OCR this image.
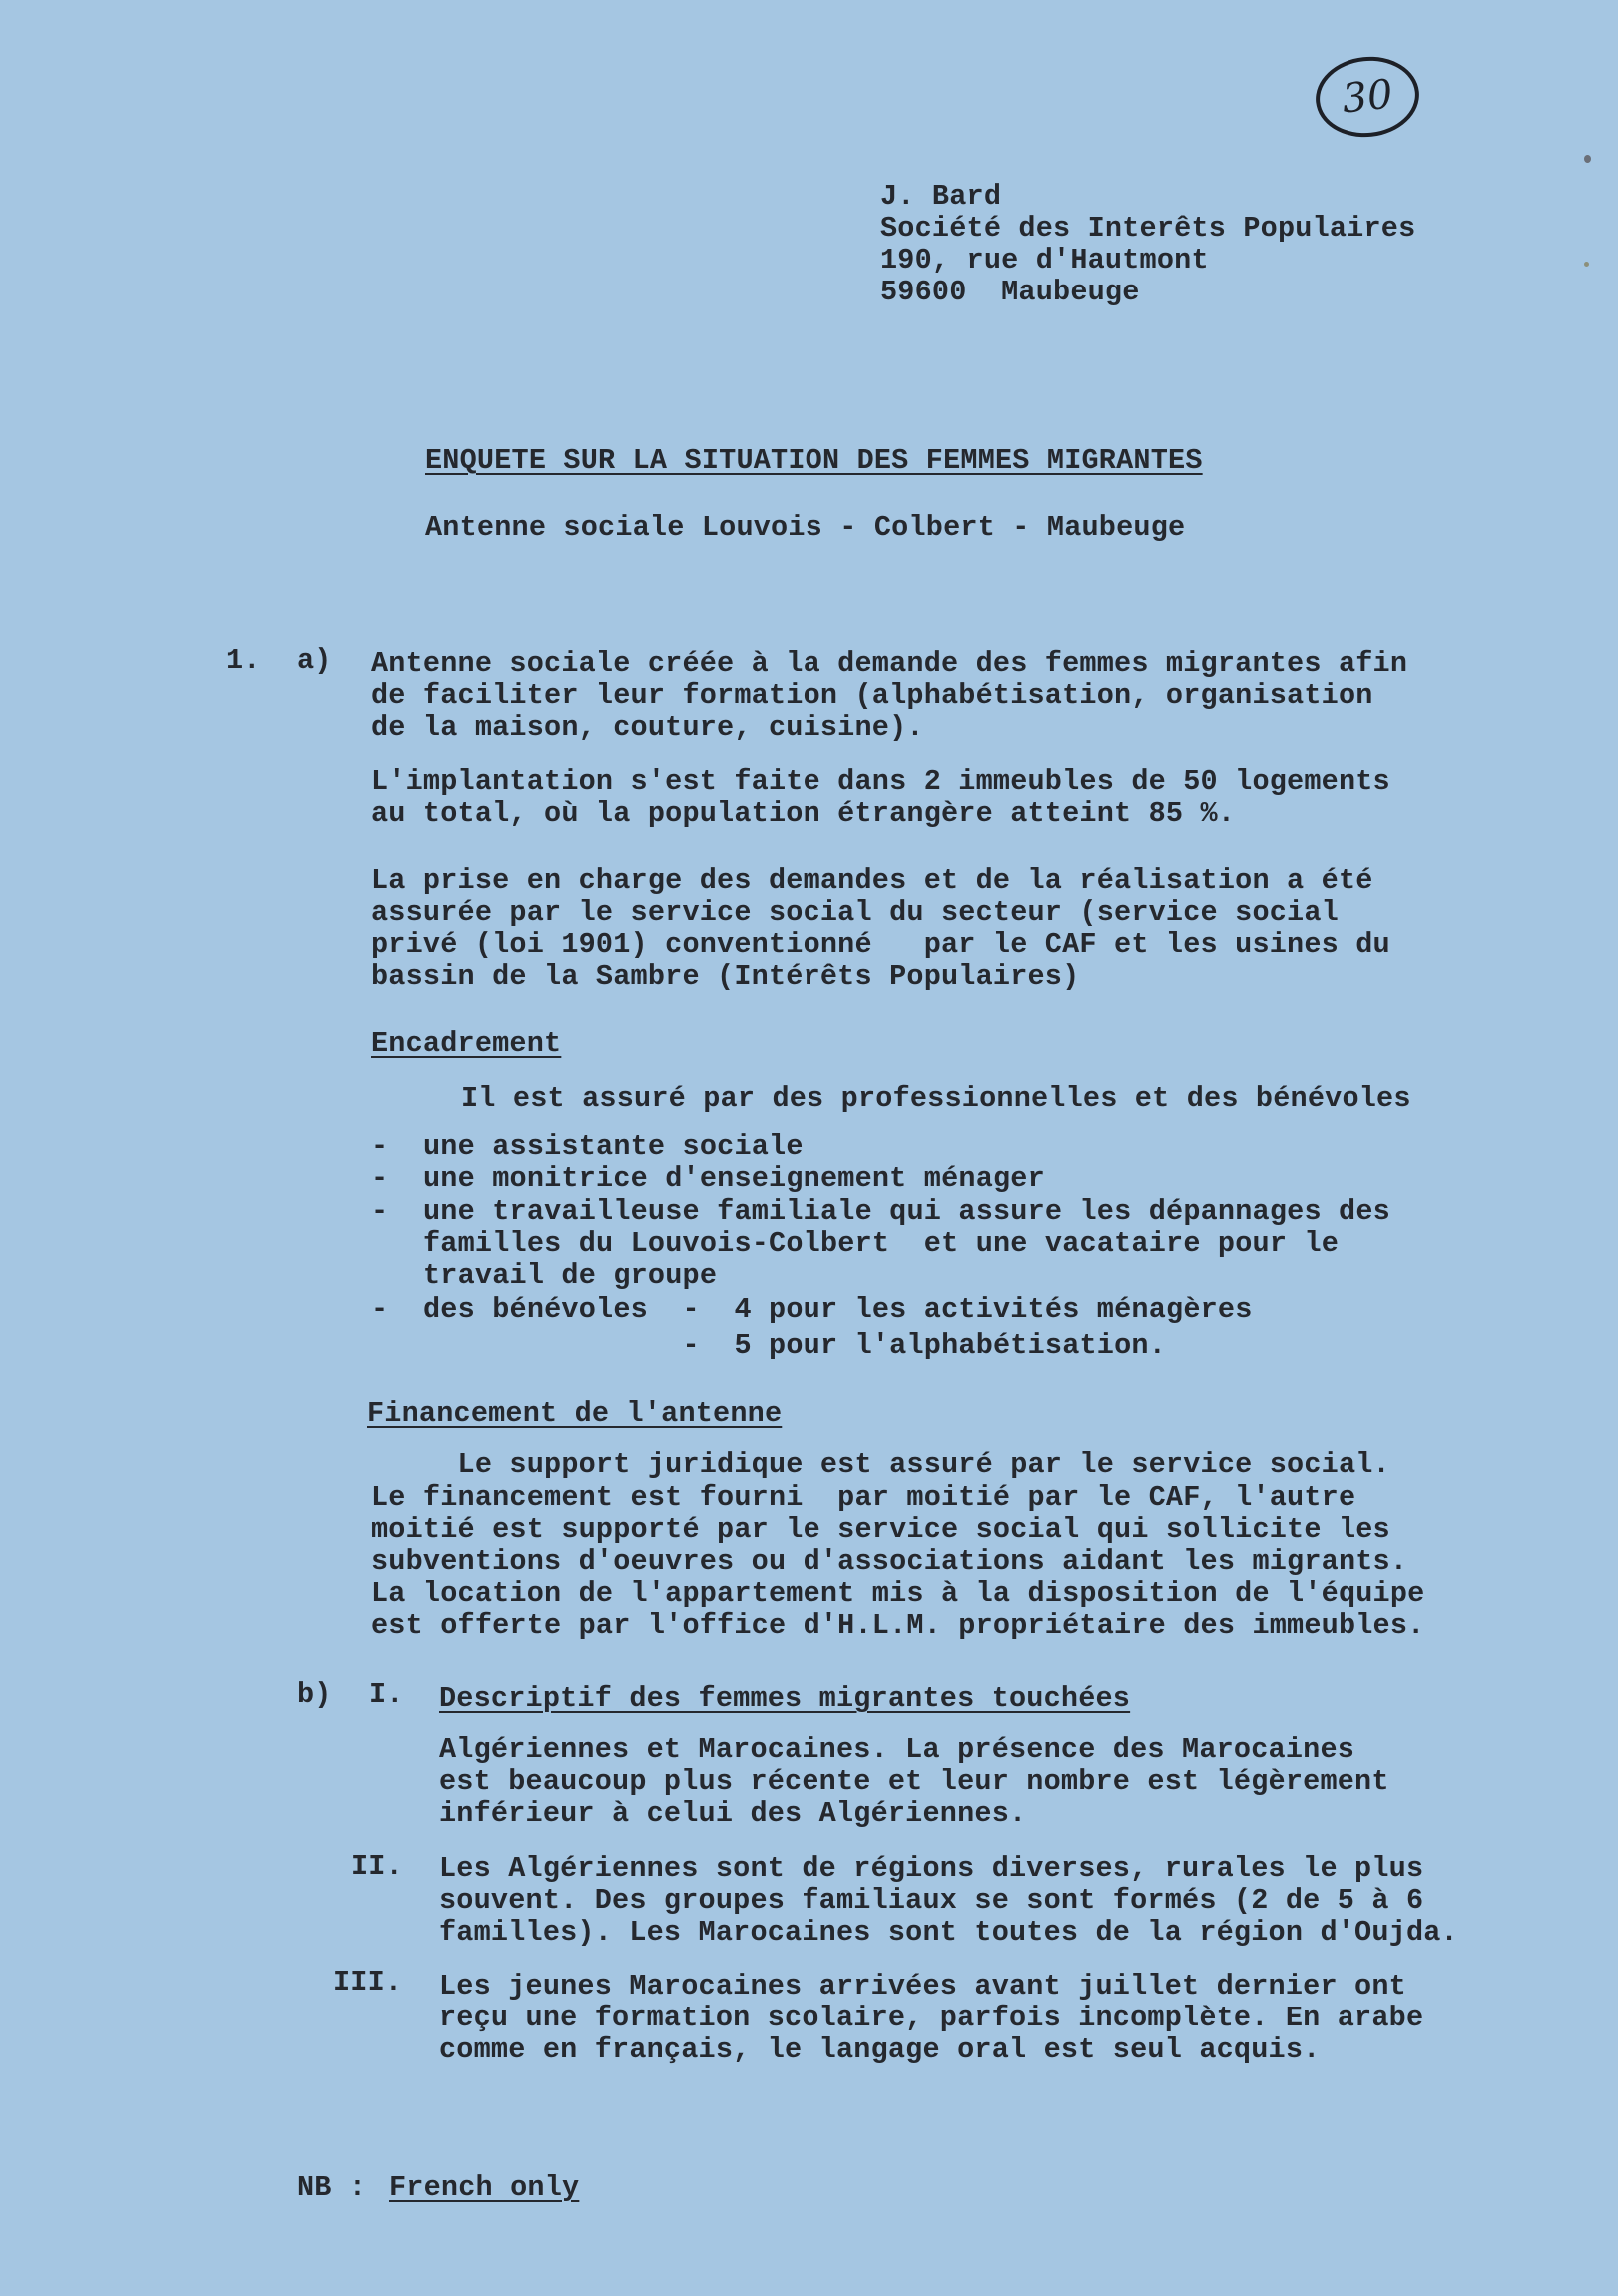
30
J. Bard
Société des Interêts Populaires
190, rue d'Hautmont
59600  Maubeuge
ENQUETE SUR LA SITUATION DES FEMMES MIGRANTES
Antenne sociale Louvois - Colbert - Maubeuge
1. a) Antenne sociale créée à la demande des femmes migrantes afin
de faciliter leur formation (alphabétisation, organisation
de la maison, couture, cuisine).
L'implantation s'est faite dans 2 immeubles de 50 logements
au total, où la population étrangère atteint 85 %.
La prise en charge des demandes et de la réalisation a été
assurée par le service social du secteur (service social
privé (loi 1901) conventionné   par le CAF et les usines du
bassin de la Sambre (Intérêts Populaires)
Encadrement
Il est assuré par des professionnelles et des bénévoles
- une assistante sociale
- une monitrice d'enseignement ménager
- une travailleuse familiale qui assure les dépannages des
familles du Louvois-Colbert  et une vacataire pour le
travail de groupe
- des bénévoles  -  4 pour les activités ménagères
-  5 pour l'alphabétisation.
Financement de l'antenne
Le support juridique est assuré par le service social.
Le financement est fourni  par moitié par le CAF, l'autre
moitié est supporté par le service social qui sollicite les
subventions d'oeuvres ou d'associations aidant les migrants.
La location de l'appartement mis à la disposition de l'équipe
est offerte par l'office d'H.L.M. propriétaire des immeubles.
b) I. Descriptif des femmes migrantes touchées
Algériennes et Marocaines. La présence des Marocaines
est beaucoup plus récente et leur nombre est légèrement
inférieur à celui des Algériennes.
II. Les Algériennes sont de régions diverses, rurales le plus
souvent. Des groupes familiaux se sont formés (2 de 5 à 6
familles). Les Marocaines sont toutes de la région d'Oujda.
III. Les jeunes Marocaines arrivées avant juillet dernier ont
reçu une formation scolaire, parfois incomplète. En arabe
comme en français, le langage oral est seul acquis.
NB : French only
